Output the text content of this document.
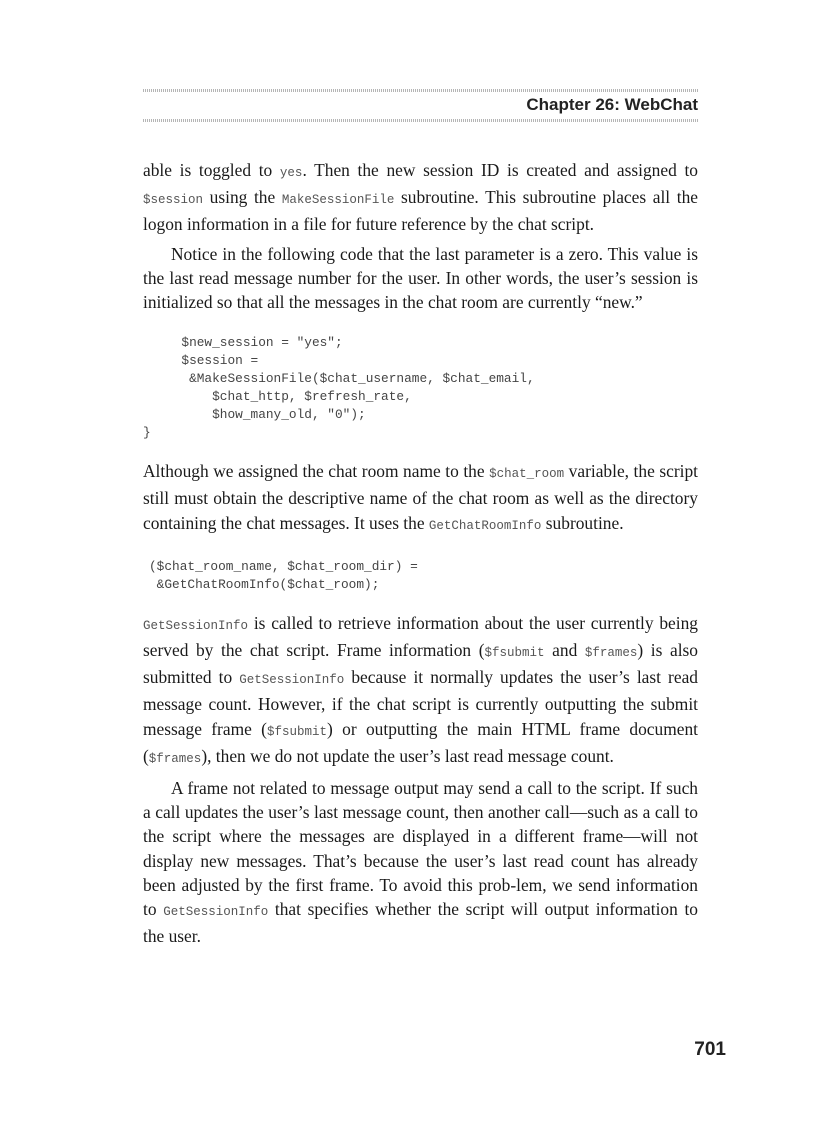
Chapter 26: WebChat

able is toggled to yes. Then the new session ID is created and assigned to $session using the MakeSessionFile subroutine. This subroutine places all the logon information in a file for future reference by the chat script.

Notice in the following code that the last parameter is a zero. This value is the last read message number for the user. In other words, the user’s session is initialized so that all the messages in the chat room are currently “new.”

$new_session = "yes";
$session =
&MakeSessionFile($chat_username, $chat_email,
$chat_http, $refresh_rate,
$how_many_old, "0");
}

Although we assigned the chat room name to the $chat_room variable, the script still must obtain the descriptive name of the chat room as well as the directory containing the chat messages. It uses the GetChatRoomInfo subroutine.

($chat_room_name, $chat_room_dir) =
&GetChatRoomInfo($chat_room);

GetSessionInfo is called to retrieve information about the user currently being served by the chat script. Frame information ($fsubmit and $frames) is also submitted to GetSessionInfo because it normally updates the user’s last read message count. However, if the chat script is currently outputting the submit message frame ($fsubmit) or outputting the main HTML frame document ($frames), then we do not update the user’s last read message count.

A frame not related to message output may send a call to the script. If such a call updates the user’s last message count, then another call—such as a call to the script where the messages are displayed in a different frame—will not display new messages. That’s because the user’s last read count has already been adjusted by the first frame. To avoid this prob-lem, we send information to GetSessionInfo that specifies whether the script will output information to the user.

701
